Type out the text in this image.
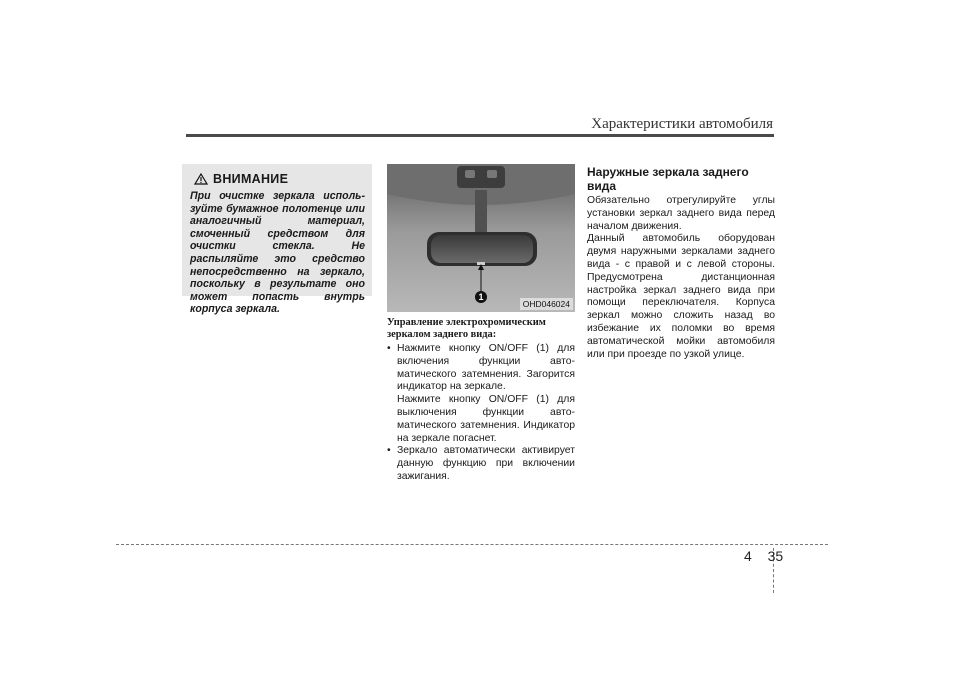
Характеристики автомобиля
ВНИМАНИЕ

При очистке зеркала исполь-зуйте бумажное полотенце или аналогичный материал, смоченный средством для очистки стекла. Не распыляйте это средство непосредственно на зеркало, поскольку в результате оно может попасть внутрь корпуса зеркала.

1
OHD046024

Управление электрохромическим зеркалом заднего вида:

• Нажмите кнопку ON/OFF (1) для включения функции авто-матического затемнения. Загорится индикатор на зеркале.

Нажмите кнопку ON/OFF (1) для выключения функции авто-матического затемнения. Индикатор на зеркале погаснет.

• Зеркало автоматически активирует данную функцию при включении зажигания.

Наружные зеркала заднего вида

Обязательно отрегулируйте углы установки зеркал заднего вида перед началом движения.

Данный автомобиль оборудован двумя наружными зеркалами заднего вида - с правой и с левой стороны. Предусмотрена дистанционная настройка зеркал заднего вида при помощи переключателя. Корпуса зеркал можно сложить назад во избежание их поломки во время автоматической мойки автомобиля или при проезде по узкой улице.

4 35
